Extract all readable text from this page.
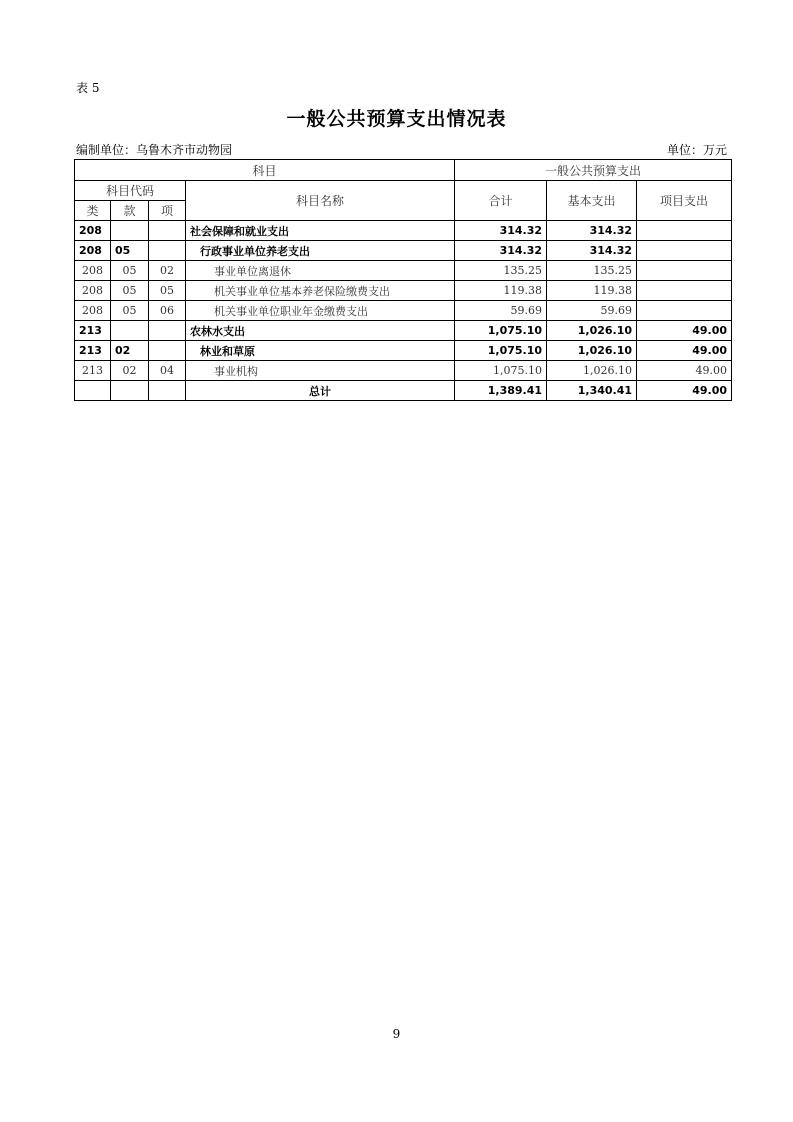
表 5
一般公共预算支出情况表
编制单位：乌鲁木齐市动物园	单位：万元
科目				一般公共预算支出		
科目代码			科目名称	合计	基本支出	项目支出
类	款	项				
208			社会保障和就业支出	314.32	314.32	
208	05		行政事业单位养老支出	314.32	314.32	
208	05	02	事业单位离退休	135.25	135.25	
208	05	05	机关事业单位基本养老保险缴费支出	119.38	119.38	
208	05	06	机关事业单位职业年金缴费支出	59.69	59.69	
213			农林水支出	1,075.10	1,026.10	49.00
213	02		林业和草原	1,075.10	1,026.10	49.00
213	02	04	事业机构	1,075.10	1,026.10	49.00
			总计	1,389.41	1,340.41	49.00
9
